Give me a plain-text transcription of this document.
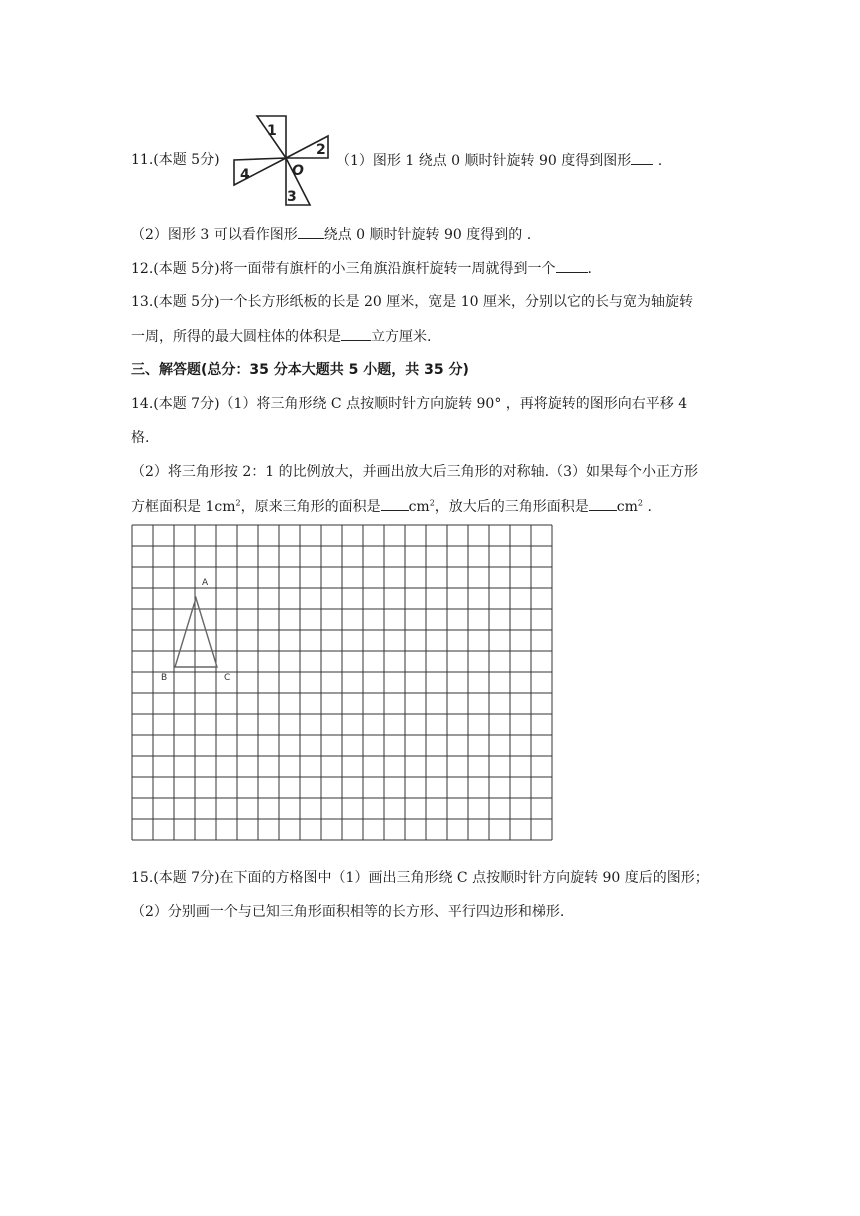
11.(本题 5分)
1
2
3
4	O
（1）图形 1 绕点 0 顺时针旋转 90 度得到图形 .
（2）图形 3 可以看作图形 绕点 0 顺时针旋转 90 度得到的 .
12.(本题 5分)将一面带有旗杆的小三角旗沿旗杆旋转一周就得到一个 .
13.(本题 5分)一个长方形纸板的长是 20 厘米，宽是 10 厘米，分别以它的长与宽为轴旋转
一周，所得的最大圆柱体的体积是 立方厘米.
三、解答题(总分：35 分本大题共 5 小题，共 35 分)
14.(本题 7分)（1）将三角形绕 C 点按顺时针方向旋转 90° ，再将旋转的图形向右平移 4
格.
（2）将三角形按 2：1 的比例放大，并画出放大后三角形的对称轴.（3）如果每个小正方形
方框面积是 $1cm^2$，原来三角形的面积是 $cm^2$，放大后的三角形面积是 $cm^2$ .
A
B	C
15.(本题 7分)在下面的方格图中（1）画出三角形绕 C 点按顺时针方向旋转 90 度后的图形；
（2）分别画一个与已知三角形面积相等的长方形、平行四边形和梯形.
